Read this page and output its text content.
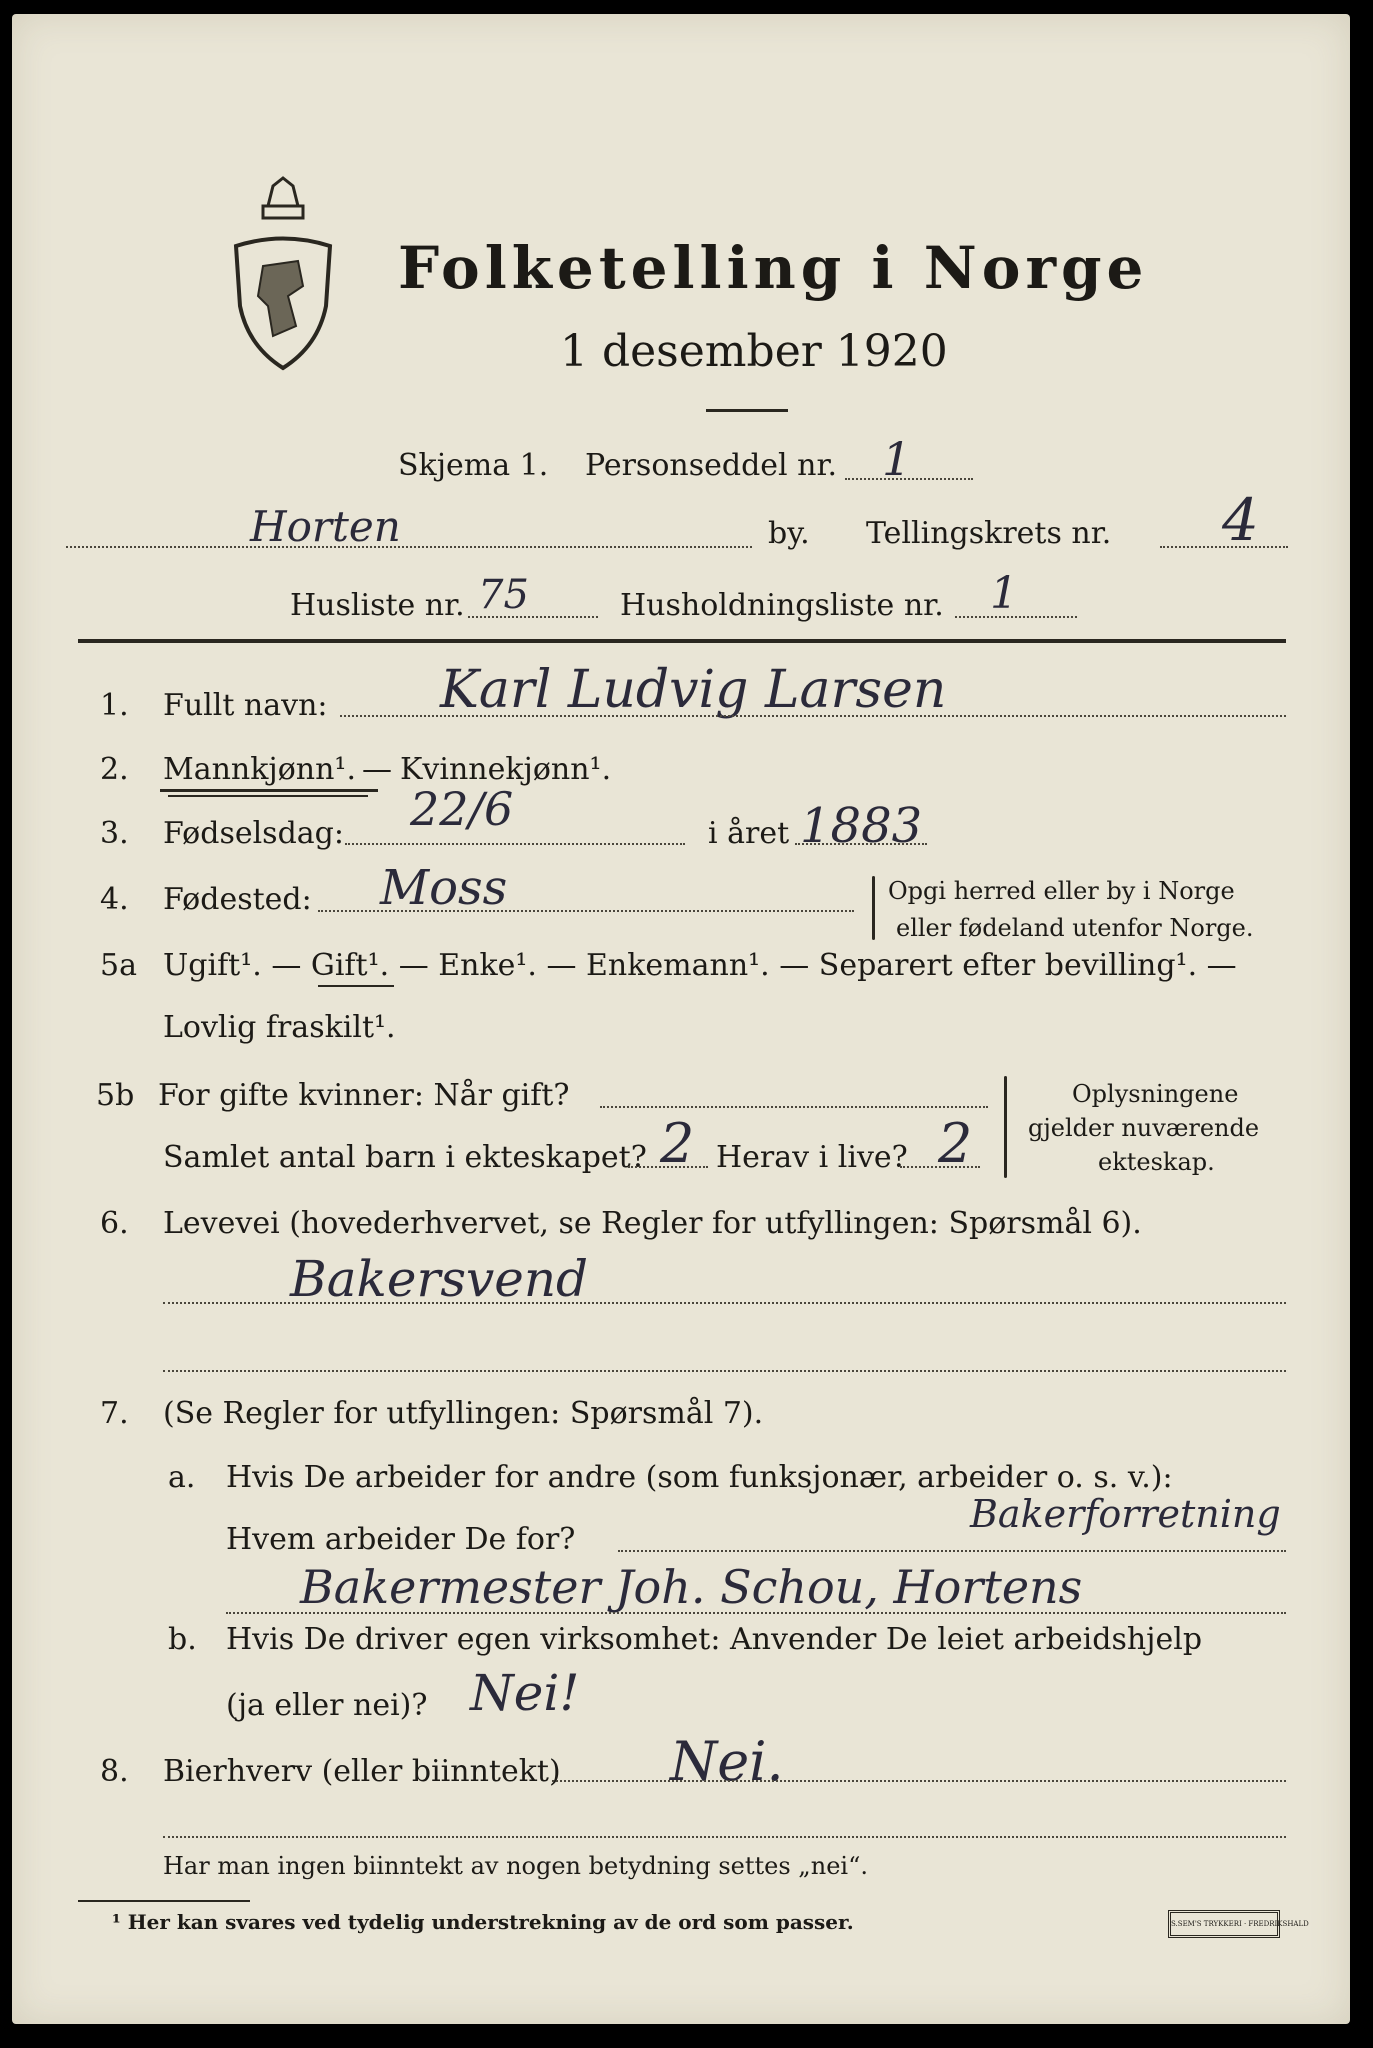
Folketelling i Norge
1 desember 1920
Skjema 1. Personseddel nr. 1
Horten	by. Tellingskrets nr. 4
Husliste nr. 75	Husholdningsliste nr. 1
1. Fullt navn: Karl Ludvig Larsen
2. Mannkjønn¹. — Kvinnekjønn¹.
3. Fødselsdag: 22/6	i året 1883
4. Fødested: Moss	Opgi herred eller by i Norge
eller fødeland utenfor Norge.
5a Ugift¹. — Gift¹. — Enke¹. — Enkemann¹. — Separert efter bevilling¹. —
Lovlig fraskilt¹.
5b For gifte kvinner: Når gift?
Samlet antal barn i ekteskapet? 2 Herav i live? 2
Oplysningene
gjelder nuværende
ekteskap.
6. Levevei (hovederhvervet, se Regler for utfyllingen: Spørsmål 6).
Bakersvend
7. (Se Regler for utfyllingen: Spørsmål 7).
a. Hvis De arbeider for andre (som funksjonær, arbeider o. s. v.):
Hvem arbeider De for?
Bakerforretning
Bakermester Joh. Schou, Hortens
b. Hvis De driver egen virksomhet: Anvender De leiet arbeidshjelp
(ja eller nei)? Nei!
8. Bierhverv (eller biinntekt) Nei.
Har man ingen biinntekt av nogen betydning settes „nei“.
¹ Her kan svares ved tydelig understrekning av de ord som passer.	S.SEM'S TRYKKERI · FREDRIKSHALD
